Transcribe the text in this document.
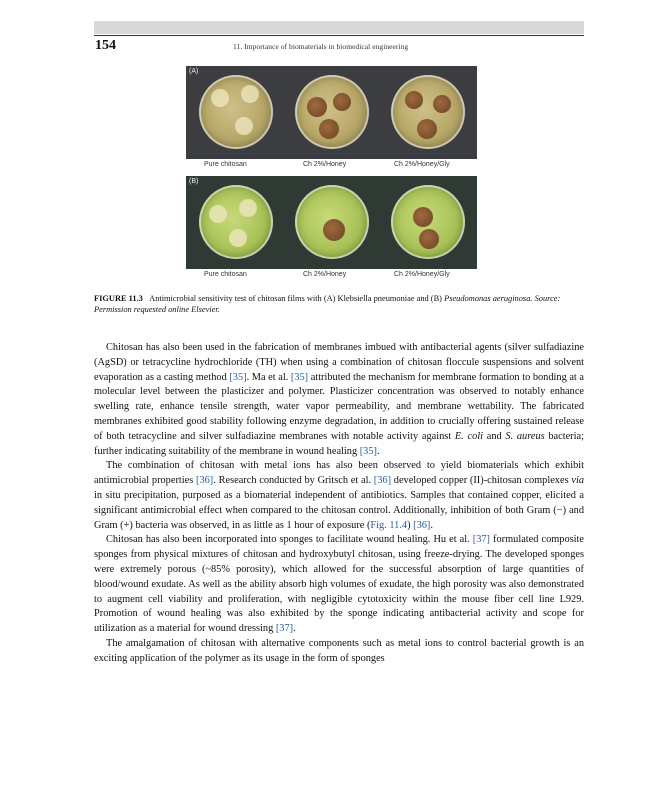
154	11. Importance of biomaterials in biomedical engineering
(A)
Pure chitosan	Ch 2%/Honey	Ch 2%/Honey/Gly
(B)
Pure chitosan	Ch 2%/Honey	Ch 2%/Honey/Gly
FIGURE 11.3 Antimicrobial sensitivity test of chitosan films with (A) Klebsiella pneumoniae and (B) Pseudomonas aeruginosa. Source: Permission requested online Elsevier.

Chitosan has also been used in the fabrication of membranes imbued with antibacterial agents (silver sulfadiazine (AgSD) or tetracycline hydrochloride (TH) when using a combination of chitosan floccule suspensions and solvent evaporation as a casting method [35]. Ma et al. [35] attributed the mechanism for membrane formation to bonding at a molecular level between the plasticizer and polymer. Plasticizer concentration was observed to notably enhance swelling rate, enhance tensile strength, water vapor permeability, and membrane wettability. The fabricated membranes exhibited good stability following enzyme degradation, in addition to crucially offering sustained release of both tetracycline and silver sulfadiazine membranes with notable activity against E. coli and S. aureus bacteria; further indicating suitability of the membrane in wound healing [35].

The combination of chitosan with metal ions has also been observed to yield biomaterials which exhibit antimicrobial properties [36]. Research conducted by Gritsch et al. [36] developed copper (II)-chitosan complexes via in situ precipitation, purposed as a biomaterial independent of antibiotics. Samples that contained copper, elicited a significant antimicrobial effect when compared to the chitosan control. Additionally, inhibition of both Gram (−) and Gram (+) bacteria was observed, in as little as 1 hour of exposure (Fig. 11.4) [36].

Chitosan has also been incorporated into sponges to facilitate wound healing. Hu et al. [37] formulated composite sponges from physical mixtures of chitosan and hydroxybutyl chitosan, using freeze-drying. The developed sponges were extremely porous (~85% porosity), which allowed for the successful absorption of large quantities of blood/wound exudate. As well as the ability absorb high volumes of exudate, the high porosity was also demonstrated to augment cell viability and proliferation, with negligible cytotoxicity within the mouse fiber cell line L929. Promotion of wound healing was also exhibited by the sponge indicating antibacterial activity and scope for utilization as a material for wound dressing [37].

The amalgamation of chitosan with alternative components such as metal ions to control bacterial growth is an exciting application of the polymer as its usage in the form of sponges
